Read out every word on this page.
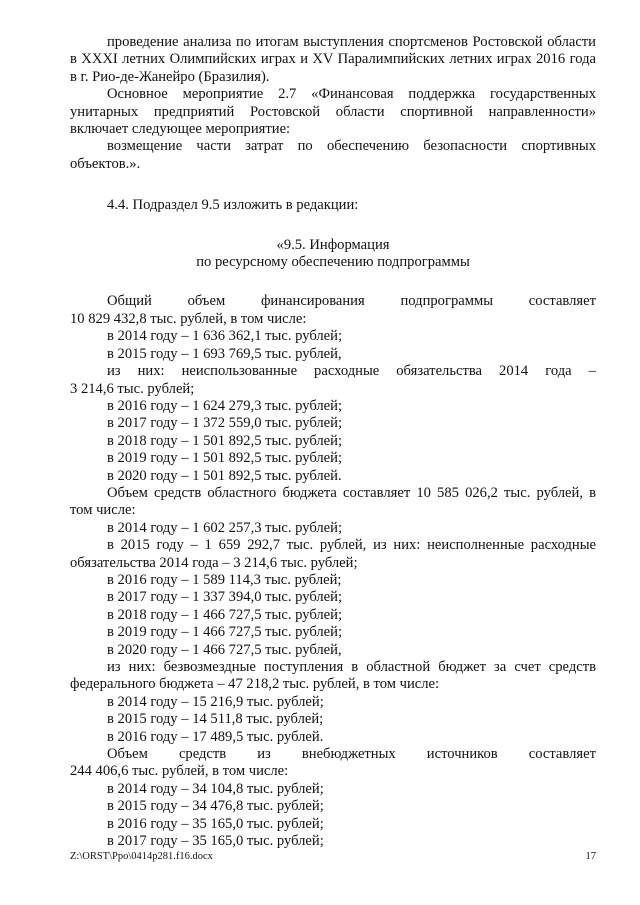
проведение анализа по итогам выступления спортсменов Ростовской области в XXXI летних Олимпийских играх и XV Паралимпийских летних играх 2016 года в г. Рио-де-Жанейро (Бразилия).

Основное мероприятие 2.7 «Финансовая поддержка государственных унитарных предприятий Ростовской области спортивной направленности» включает следующее мероприятие:

возмещение части затрат по обеспечению безопасности спортивных объектов.».

4.4. Подраздел 9.5 изложить в редакции:
«9.5. Информация
по ресурсному обеспечению подпрограммы
Общий объем финансирования подпрограммы составляет
10 829 432,8 тыс. рублей, в том числе:
в 2014 году – 1 636 362,1 тыс. рублей;
в 2015 году – 1 693 769,5 тыс. рублей,
из них: неиспользованные расходные обязательства 2014 года –
3 214,6 тыс. рублей;
в 2016 году – 1 624 279,3 тыс. рублей;
в 2017 году – 1 372 559,0 тыс. рублей;
в 2018 году – 1 501 892,5 тыс. рублей;
в 2019 году – 1 501 892,5 тыс. рублей;
в 2020 году – 1 501 892,5 тыс. рублей.

Объем средств областного бюджета составляет 10 585 026,2 тыс. рублей, в том числе:

в 2014 году – 1 602 257,3 тыс. рублей;

в 2015 году – 1 659 292,7 тыс. рублей, из них: неисполненные расходные обязательства 2014 года – 3 214,6 тыс. рублей;

в 2016 году – 1 589 114,3 тыс. рублей;
в 2017 году – 1 337 394,0 тыс. рублей;
в 2018 году – 1 466 727,5 тыс. рублей;
в 2019 году – 1 466 727,5 тыс. рублей;
в 2020 году – 1 466 727,5 тыс. рублей,

из них: безвозмездные поступления в областной бюджет за счет средств федерального бюджета – 47 218,2 тыс. рублей, в том числе:

в 2014 году – 15 216,9 тыс. рублей;
в 2015 году – 14 511,8 тыс. рублей;
в 2016 году – 17 489,5 тыс. рублей.
Объем средств из внебюджетных источников составляет
244 406,6 тыс. рублей, в том числе:
в 2014 году – 34 104,8 тыс. рублей;
в 2015 году – 34 476,8 тыс. рублей;
в 2016 году – 35 165,0 тыс. рублей;
в 2017 году – 35 165,0 тыс. рублей;
Z:\ORST\Ppo\0414p281.f16.docx	17
